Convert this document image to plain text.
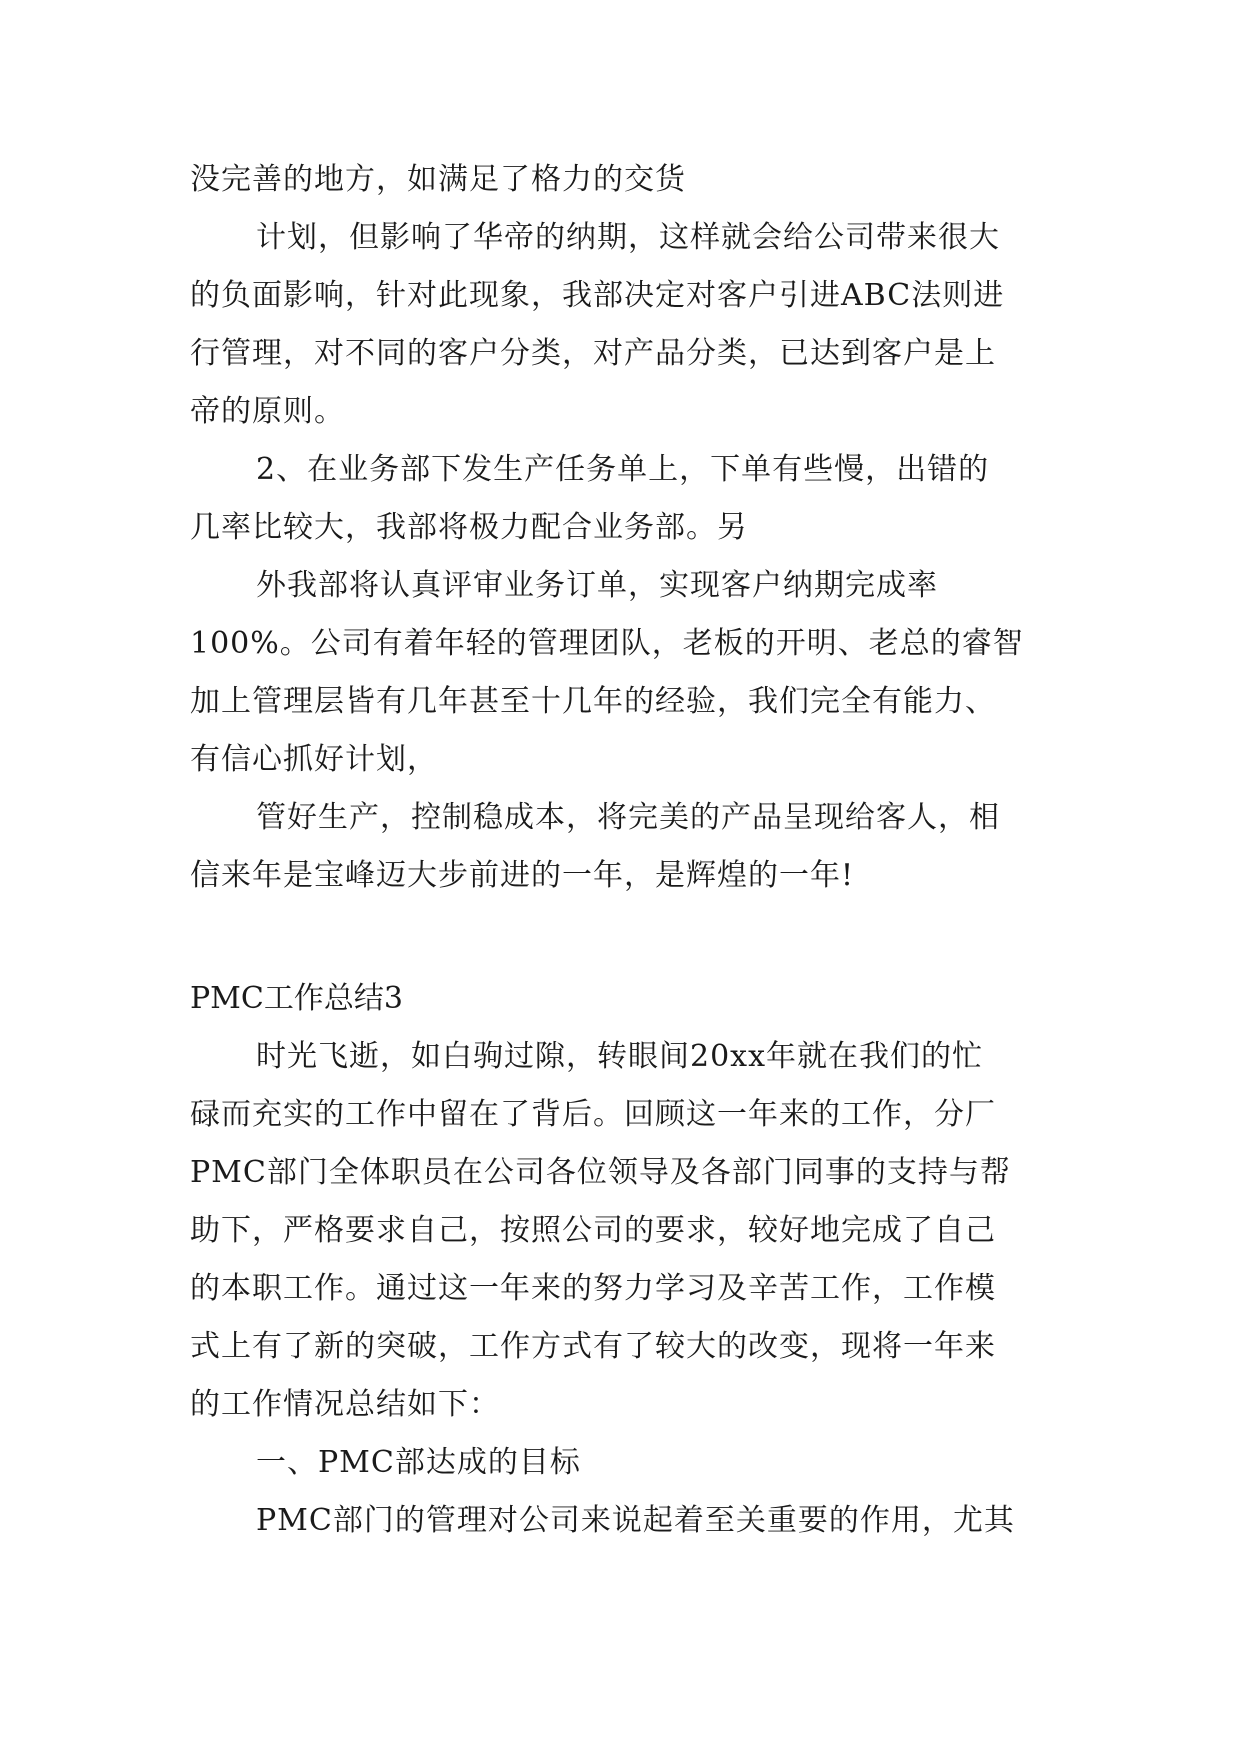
没完善的地方，如满足了格力的交货
计划，但影响了华帝的纳期，这样就会给公司带来很大
的负面影响，针对此现象，我部决定对客户引进ABC法则进
行管理，对不同的客户分类，对产品分类，已达到客户是上
帝的原则。
2、在业务部下发生产任务单上，下单有些慢，出错的
几率比较大，我部将极力配合业务部。另
外我部将认真评审业务订单，实现客户纳期完成率
100%。公司有着年轻的管理团队，老板的开明、老总的睿智
加上管理层皆有几年甚至十几年的经验，我们完全有能力、
有信心抓好计划，
管好生产，控制稳成本，将完美的产品呈现给客人，相
信来年是宝峰迈大步前进的一年，是辉煌的一年!
PMC工作总结3
时光飞逝，如白驹过隙，转眼间20xx年就在我们的忙
碌而充实的工作中留在了背后。回顾这一年来的工作，分厂
PMC部门全体职员在公司各位领导及各部门同事的支持与帮
助下，严格要求自己，按照公司的要求，较好地完成了自己
的本职工作。通过这一年来的努力学习及辛苦工作，工作模
式上有了新的突破，工作方式有了较大的改变，现将一年来
的工作情况总结如下：
一、PMC部达成的目标
PMC部门的管理对公司来说起着至关重要的作用，尤其
